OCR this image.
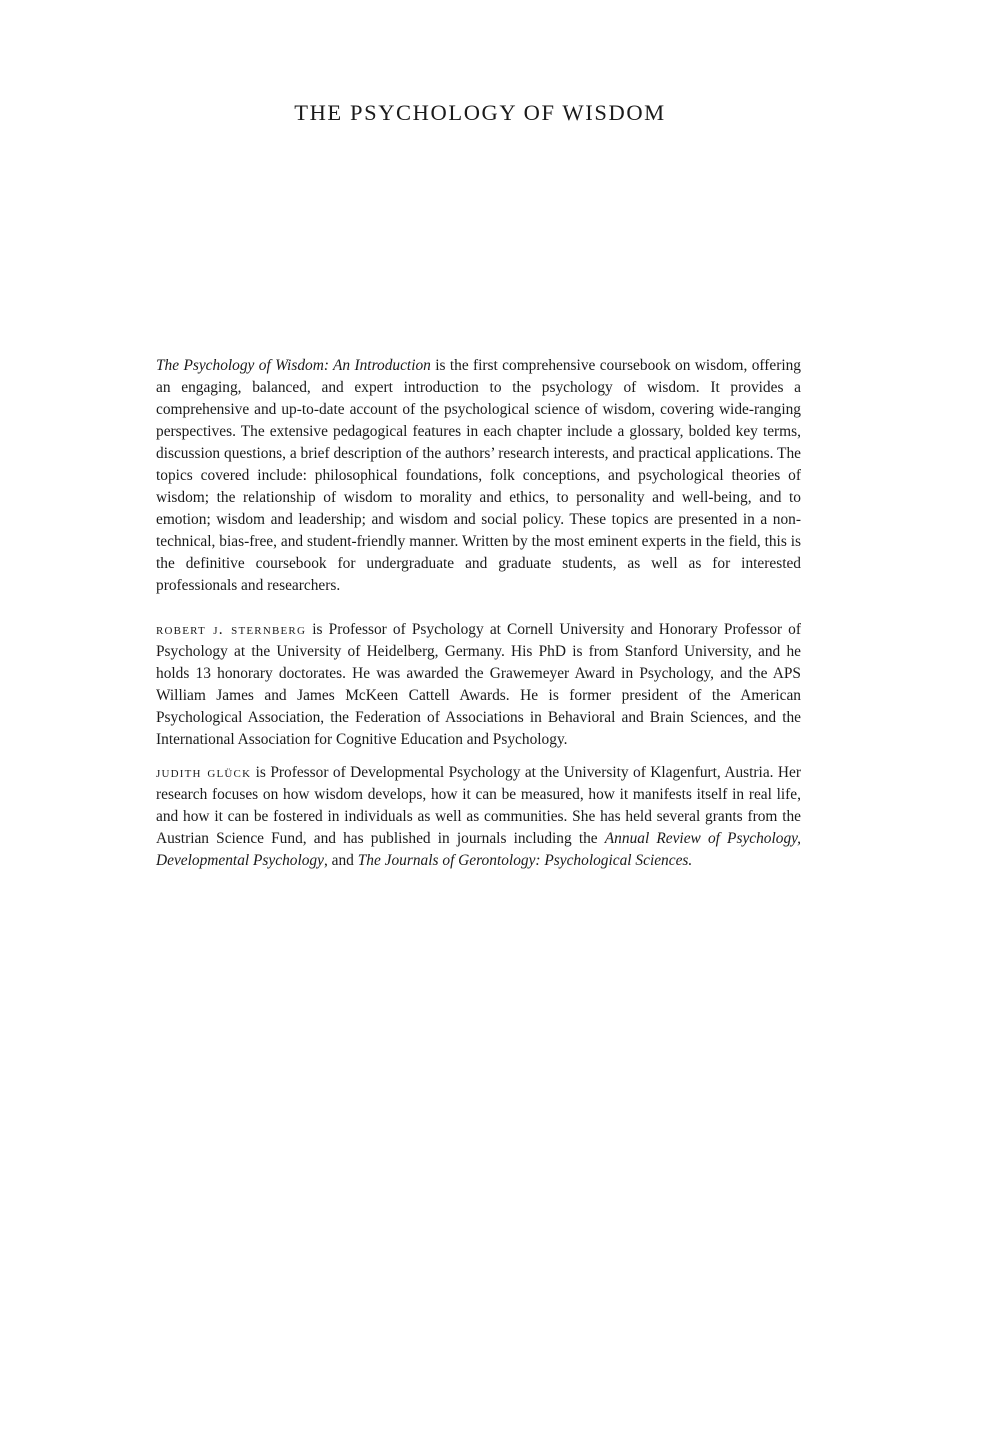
THE PSYCHOLOGY OF WISDOM

The Psychology of Wisdom: An Introduction is the first comprehensive coursebook on wisdom, offering an engaging, balanced, and expert introduction to the psychology of wisdom. It provides a comprehensive and up-to-date account of the psychological science of wisdom, covering wide-ranging perspectives. The extensive pedagogical features in each chapter include a glossary, bolded key terms, discussion questions, a brief description of the authors’ research interests, and practical applications. The topics covered include: philosophical foundations, folk conceptions, and psychological theories of wisdom; the relationship of wisdom to morality and ethics, to personality and well-being, and to emotion; wisdom and leadership; and wisdom and social policy. These topics are presented in a non-technical, bias-free, and student-friendly manner. Written by the most eminent experts in the field, this is the definitive coursebook for undergraduate and graduate students, as well as for interested professionals and researchers.

robert j. sternberg is Professor of Psychology at Cornell University and Honorary Professor of Psychology at the University of Heidelberg, Germany. His PhD is from Stanford University, and he holds 13 honorary doctorates. He was awarded the Grawemeyer Award in Psychology, and the APS William James and James McKeen Cattell Awards. He is former president of the American Psychological Association, the Federation of Associations in Behavioral and Brain Sciences, and the International Association for Cognitive Education and Psychology.

judith glück is Professor of Developmental Psychology at the University of Klagenfurt, Austria. Her research focuses on how wisdom develops, how it can be measured, how it manifests itself in real life, and how it can be fostered in individuals as well as communities. She has held several grants from the Austrian Science Fund, and has published in journals including the Annual Review of Psychology, Developmental Psychology, and The Journals of Gerontology: Psychological Sciences.
